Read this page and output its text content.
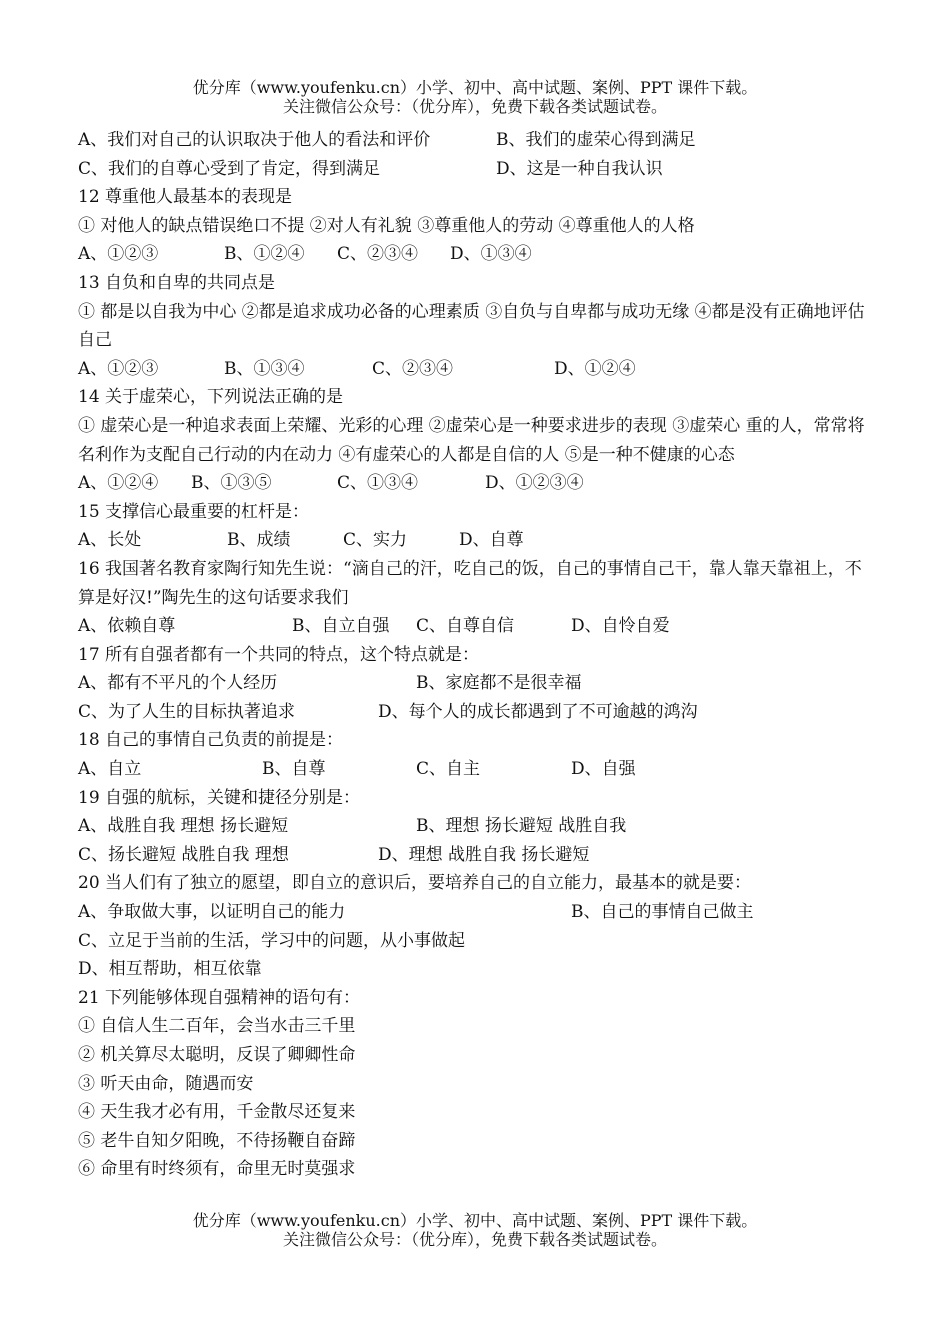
优分库（www.youfenku.cn）小学、初中、高中试题、案例、PPT 课件下载。
关注微信公众号：（优分库），免费下载各类试题试卷。
A、我们对自己的认识取决于他人的看法和评价	B、我们的虚荣心得到满足
C、我们的自尊心受到了肯定，得到满足	D、这是一种自我认识
12 尊重他人最基本的表现是
① 对他人的缺点错误绝口不提 ②对人有礼貌 ③尊重他人的劳动 ④尊重他人的人格
A、①②③	B、①②④	C、②③④	D、①③④
13 自负和自卑的共同点是
① 都是以自我为中心 ②都是追求成功必备的心理素质 ③自负与自卑都与成功无缘 ④都是没有正确地评估自己
A、①②③	B、①③④	C、②③④	D、①②④
14 关于虚荣心，下列说法正确的是
① 虚荣心是一种追求表面上荣耀、光彩的心理 ②虚荣心是一种要求进步的表现 ③虚荣心 重的人，常常将名利作为支配自己行动的内在动力 ④有虚荣心的人都是自信的人 ⑤是一种不健康的心态
A、①②④	B、①③⑤	C、①③④	D、①②③④
15 支撑信心最重要的杠杆是：
A、长处	B、成绩	C、实力	D、自尊
16 我国著名教育家陶行知先生说：“滴自己的汗，吃自己的饭，自己的事情自己干，靠人靠天靠祖上，不算是好汉!”陶先生的这句话要求我们
A、依赖自尊	B、自立自强	C、自尊自信	D、自怜自爱
17 所有自强者都有一个共同的特点，这个特点就是：
A、都有不平凡的个人经历	B、家庭都不是很幸福
C、为了人生的目标执著追求	D、每个人的成长都遇到了不可逾越的鸿沟
18 自己的事情自己负责的前提是：
A、自立	B、自尊	C、自主	D、自强
19 自强的航标，关键和捷径分别是：
A、战胜自我 理想 扬长避短	B、理想 扬长避短 战胜自我
C、扬长避短 战胜自我 理想	D、理想 战胜自我 扬长避短
20 当人们有了独立的愿望，即自立的意识后，要培养自己的自立能力，最基本的就是要：
A、争取做大事，以证明自己的能力	B、自己的事情自己做主
C、立足于当前的生活，学习中的问题，从小事做起
D、相互帮助，相互依靠
21 下列能够体现自强精神的语句有：
① 自信人生二百年，会当水击三千里
② 机关算尽太聪明，反误了卿卿性命
③ 听天由命，随遇而安
④ 天生我才必有用，千金散尽还复来
⑤ 老牛自知夕阳晚，不待扬鞭自奋蹄
⑥ 命里有时终须有，命里无时莫强求
优分库（www.youfenku.cn）小学、初中、高中试题、案例、PPT 课件下载。
关注微信公众号：（优分库），免费下载各类试题试卷。
